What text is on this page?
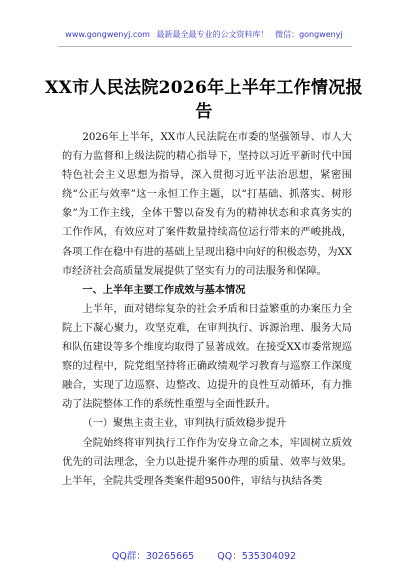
www.gongwenyj.com 最新最全最专业的公文资料库！ 微信：gongwenyj
XX市人民法院2026年上半年工作情况报告

2026年上半年，XX市人民法院在市委的坚强领导、市人大的有力监督和上级法院的精心指导下，坚持以习近平新时代中国特色社会主义思想为指导，深入贯彻习近平法治思想，紧密围绕“公正与效率”这一永恒工作主题，以“打基础、抓落实、树形象”为工作主线，全体干警以奋发有为的精神状态和求真务实的工作作风，有效应对了案件数量持续高位运行带来的严峻挑战，各项工作在稳中有进的基础上呈现出稳中向好的积极态势，为XX市经济社会高质量发展提供了坚实有力的司法服务和保障。

一、上半年主要工作成效与基本情况

上半年，面对错综复杂的社会矛盾和日益繁重的办案压力全院上下凝心聚力，攻坚克难，在审判执行、诉源治理、服务大局和队伍建设等多个维度均取得了显著成效。在接受XX市委常规巡察的过程中，院党组坚持将正确政绩观学习教育与巡察工作深度融合，实现了边巡察、边整改、边提升的良性互动循环，有力推动了法院整体工作的系统性重塑与全面性跃升。

（一）聚焦主责主业，审判执行质效稳步提升

全院始终将审判执行工作作为安身立命之本，牢固树立质效优先的司法理念，全力以赴提升案件办理的质量、效率与效果。上半年，全院共受理各类案件超9500件，审结与执结各类

QQ群：30265665 QQ：535304092
